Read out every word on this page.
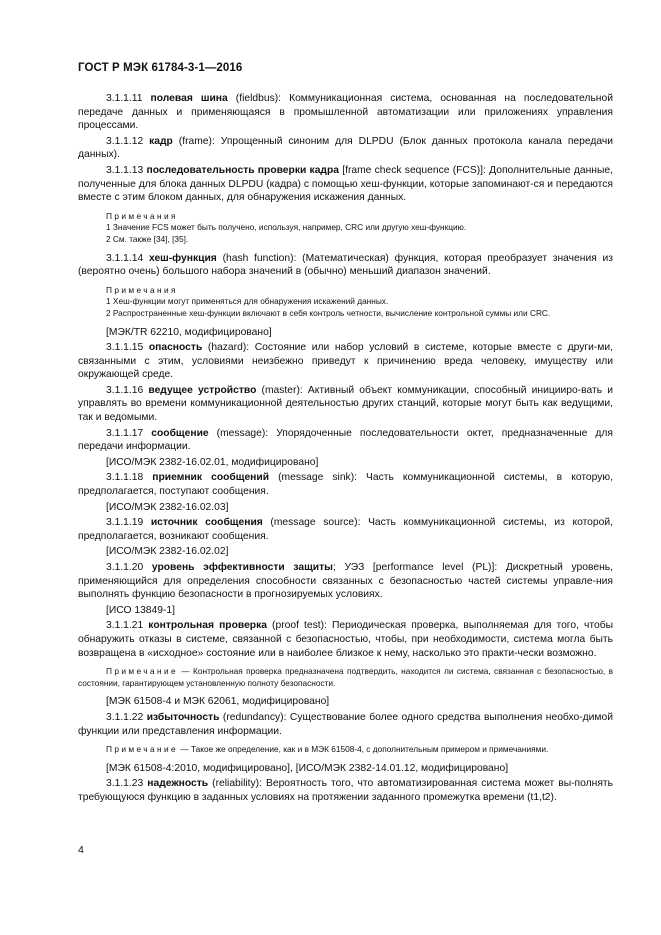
ГОСТ Р МЭК 61784-3-1—2016

3.1.1.11 полевая шина (fieldbus): Коммуникационная система, основанная на последовательной передаче данных и применяющаяся в промышленной автоматизации или приложениях управления процессами.

3.1.1.12 кадр (frame): Упрощенный синоним для DLPDU (Блок данных протокола канала передачи данных).

3.1.1.13 последовательность проверки кадра [frame check sequence (FCS)]: Дополнительные данные, полученные для блока данных DLPDU (кадра) с помощью хеш-функции, которые запоминают-ся и передаются вместе с этим блоком данных, для обнаружения искажения данных.

Примечания
1 Значение FCS может быть получено, используя, например, CRC или другую хеш-функцию.
2 См. также [34], [35].

3.1.1.14 хеш-функция (hash function): (Математическая) функция, которая преобразует значения из (вероятно очень) большого набора значений в (обычно) меньший диапазон значений.

Примечания
1 Хеш-функции могут применяться для обнаружения искажений данных.
2 Распространенные хеш-функции включают в себя контроль четности, вычисление контрольной суммы или CRC.

[МЭК/TR 62210, модифицировано]

3.1.1.15 опасность (hazard): Состояние или набор условий в системе, которые вместе с други-ми, связанными с этим, условиями неизбежно приведут к причинению вреда человеку, имуществу или окружающей среде.

3.1.1.16 ведущее устройство (master): Активный объект коммуникации, способный иницииро-вать и управлять во времени коммуникационной деятельностью других станций, которые могут быть как ведущими, так и ведомыми.

3.1.1.17 сообщение (message): Упорядоченные последовательности октет, предназначенные для передачи информации.

[ИСО/МЭК 2382-16.02.01, модифицировано]

3.1.1.18 приемник сообщений (message sink): Часть коммуникационной системы, в которую, предполагается, поступают сообщения.

[ИСО/МЭК 2382-16.02.03]

3.1.1.19 источник сообщения (message source): Часть коммуникационной системы, из которой, предполагается, возникают сообщения.

[ИСО/МЭК 2382-16.02.02]

3.1.1.20 уровень эффективности защиты; УЭЗ [performance level (PL)]: Дискретный уровень, применяющийся для определения способности связанных с безопасностью частей системы управле-ния выполнять функцию безопасности в прогнозируемых условиях.

[ИСО 13849-1]

3.1.1.21 контрольная проверка (proof test): Периодическая проверка, выполняемая для того, чтобы обнаружить отказы в системе, связанной с безопасностью, чтобы, при необходимости, система могла быть возвращена в «исходное» состояние или в наиболее близкое к нему, насколько это практи-чески возможно.

Примечание — Контрольная проверка предназначена подтвердить, находится ли система, связанная с безопасностью, в состоянии, гарантирующем установленную полноту безопасности.

[МЭК 61508-4 и МЭК 62061, модифицировано]

3.1.1.22 избыточность (redundancy): Существование более одного средства выполнения необхо-димой функции или представления информации.

Примечание — Такое же определение, как и в МЭК 61508-4, с дополнительным примером и примечаниями.

[МЭК 61508-4:2010, модифицировано], [ИСО/МЭК 2382-14.01.12, модифицировано]

3.1.1.23 надежность (reliability): Вероятность того, что автоматизированная система может вы-полнять требующуюся функцию в заданных условиях на протяжении заданного промежутка времени (t1,t2).

4
